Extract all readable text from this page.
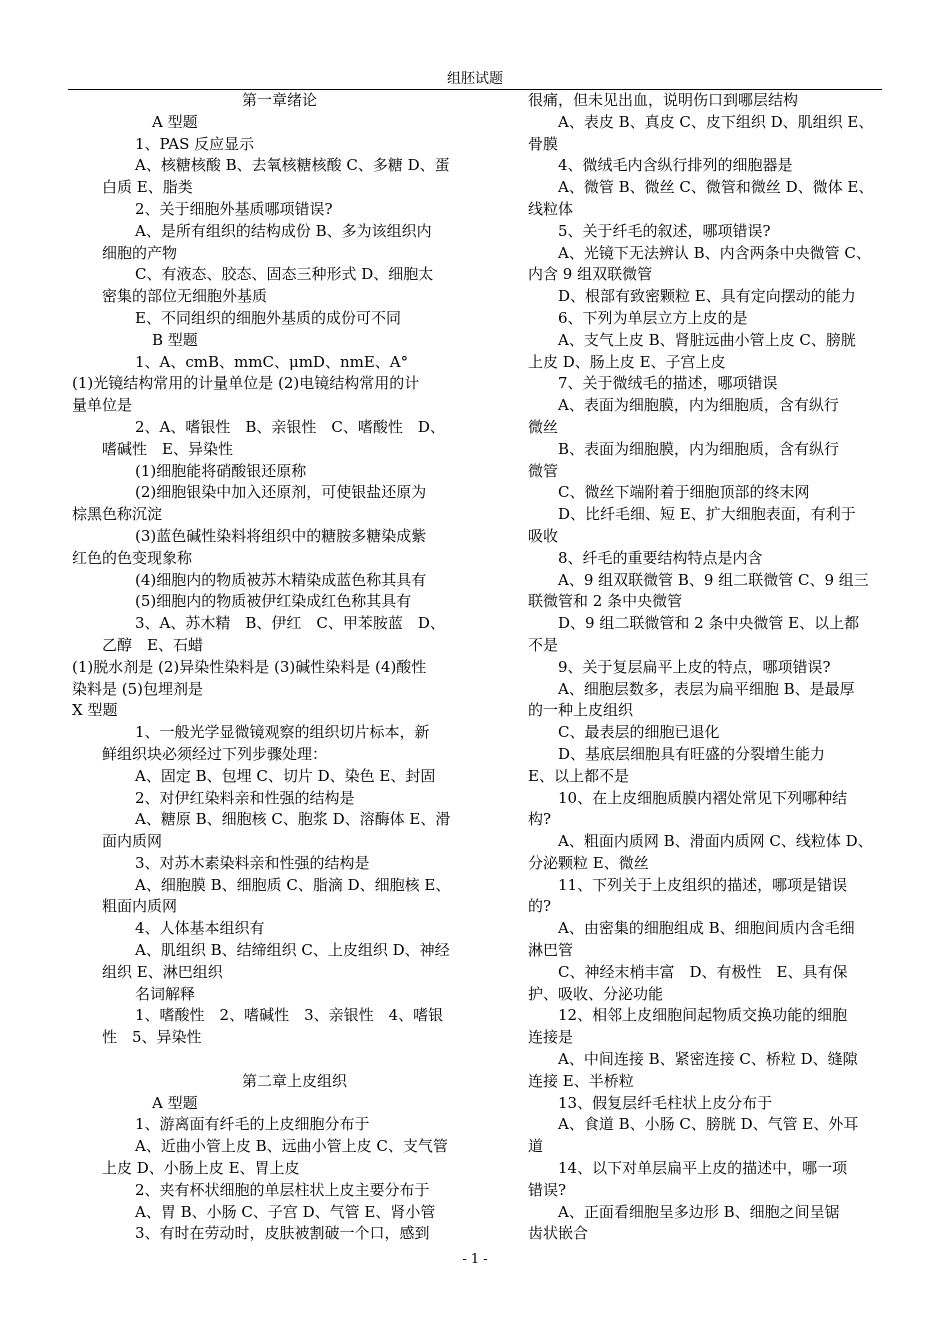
组胚试题
第一章绪论
A 型题
1、PAS 反应显示
A、核糖核酸 B、去氧核糖核酸 C、多糖 D、蛋
白质 E、脂类
2、关于细胞外基质哪项错误?
A、是所有组织的结构成份 B、多为该组织内
细胞的产物
C、有液态、胶态、固态三种形式 D、细胞太
密集的部位无细胞外基质
E、不同组织的细胞外基质的成份可不同
B 型题
1、A、cmB、mmC、μmD、nmE、A°
(1)光镜结构常用的计量单位是 (2)电镜结构常用的计
量单位是
2、A、嗜银性　B、亲银性　C、嗜酸性　D、
嗜碱性　E、异染性
(1)细胞能将硝酸银还原称
(2)细胞银染中加入还原剂，可使银盐还原为
棕黑色称沉淀
(3)蓝色碱性染料将组织中的糖胺多糖染成紫
红色的色变现象称
(4)细胞内的物质被苏木精染成蓝色称其具有
(5)细胞内的物质被伊红染成红色称其具有
3、A、苏木精　B、伊红　C、甲苯胺蓝　D、
乙醇　E、石蜡
(1)脱水剂是 (2)异染性染料是 (3)碱性染料是 (4)酸性
染料是 (5)包埋剂是
X 型题
1、一般光学显微镜观察的组织切片标本，新
鲜组织块必须经过下列步骤处理：
A、固定 B、包埋 C、切片 D、染色 E、封固
2、对伊红染料亲和性强的结构是
A、糖原 B、细胞核 C、胞浆 D、溶酶体 E、滑
面内质网
3、对苏木素染料亲和性强的结构是
A、细胞膜 B、细胞质 C、脂滴 D、细胞核 E、
粗面内质网
4、人体基本组织有
A、肌组织 B、结缔组织 C、上皮组织 D、神经
组织 E、淋巴组织
名词解释
1、嗜酸性　2、嗜碱性　3、亲银性　4、嗜银
性　5、异染性
第二章上皮组织
A 型题
1、游离面有纤毛的上皮细胞分布于
A、近曲小管上皮 B、远曲小管上皮 C、支气管
上皮 D、小肠上皮 E、胃上皮
2、夹有杯状细胞的单层柱状上皮主要分布于
A、胃 B、小肠 C、子宫 D、气管 E、肾小管
3、有时在劳动时，皮肤被割破一个口，感到
很痛，但未见出血，说明伤口到哪层结构
A、表皮 B、真皮 C、皮下组织 D、肌组织 E、
骨膜
4、微绒毛内含纵行排列的细胞器是
A、微管 B、微丝 C、微管和微丝 D、微体 E、
线粒体
5、关于纤毛的叙述，哪项错误?
A、光镜下无法辨认 B、内含两条中央微管 C、
内含 9 组双联微管
D、根部有致密颗粒 E、具有定向摆动的能力
6、下列为单层立方上皮的是
A、支气上皮 B、肾脏远曲小管上皮 C、膀胱
上皮 D、肠上皮 E、子宫上皮
7、关于微绒毛的描述，哪项错误
A、表面为细胞膜，内为细胞质，含有纵行
微丝
B、表面为细胞膜，内为细胞质，含有纵行
微管
C、微丝下端附着于细胞顶部的终末网
D、比纤毛细、短 E、扩大细胞表面，有利于
吸收
8、纤毛的重要结构特点是内含
A、9 组双联微管 B、9 组二联微管 C、9 组三
联微管和 2 条中央微管
D、9 组二联微管和 2 条中央微管 E、以上都
不是
9、关于复层扁平上皮的特点，哪项错误?
A、细胞层数多，表层为扁平细胞 B、是最厚
的一种上皮组织
C、最表层的细胞已退化
D、基底层细胞具有旺盛的分裂增生能力
E、以上都不是
10、在上皮细胞质膜内褶处常见下列哪种结
构?
A、粗面内质网 B、滑面内质网 C、线粒体 D、
分泌颗粒 E、微丝
11、下列关于上皮组织的描述，哪项是错误
的?
A、由密集的细胞组成 B、细胞间质内含毛细
淋巴管
C、神经末梢丰富　D、有极性　E、具有保
护、吸收、分泌功能
12、相邻上皮细胞间起物质交换功能的细胞
连接是
A、中间连接 B、紧密连接 C、桥粒 D、缝隙
连接 E、半桥粒
13、假复层纤毛柱状上皮分布于
A、食道 B、小肠 C、膀胱 D、气管 E、外耳
道
14、以下对单层扁平上皮的描述中，哪一项
错误?
A、正面看细胞呈多边形 B、细胞之间呈锯
齿状嵌合
- 1 -
